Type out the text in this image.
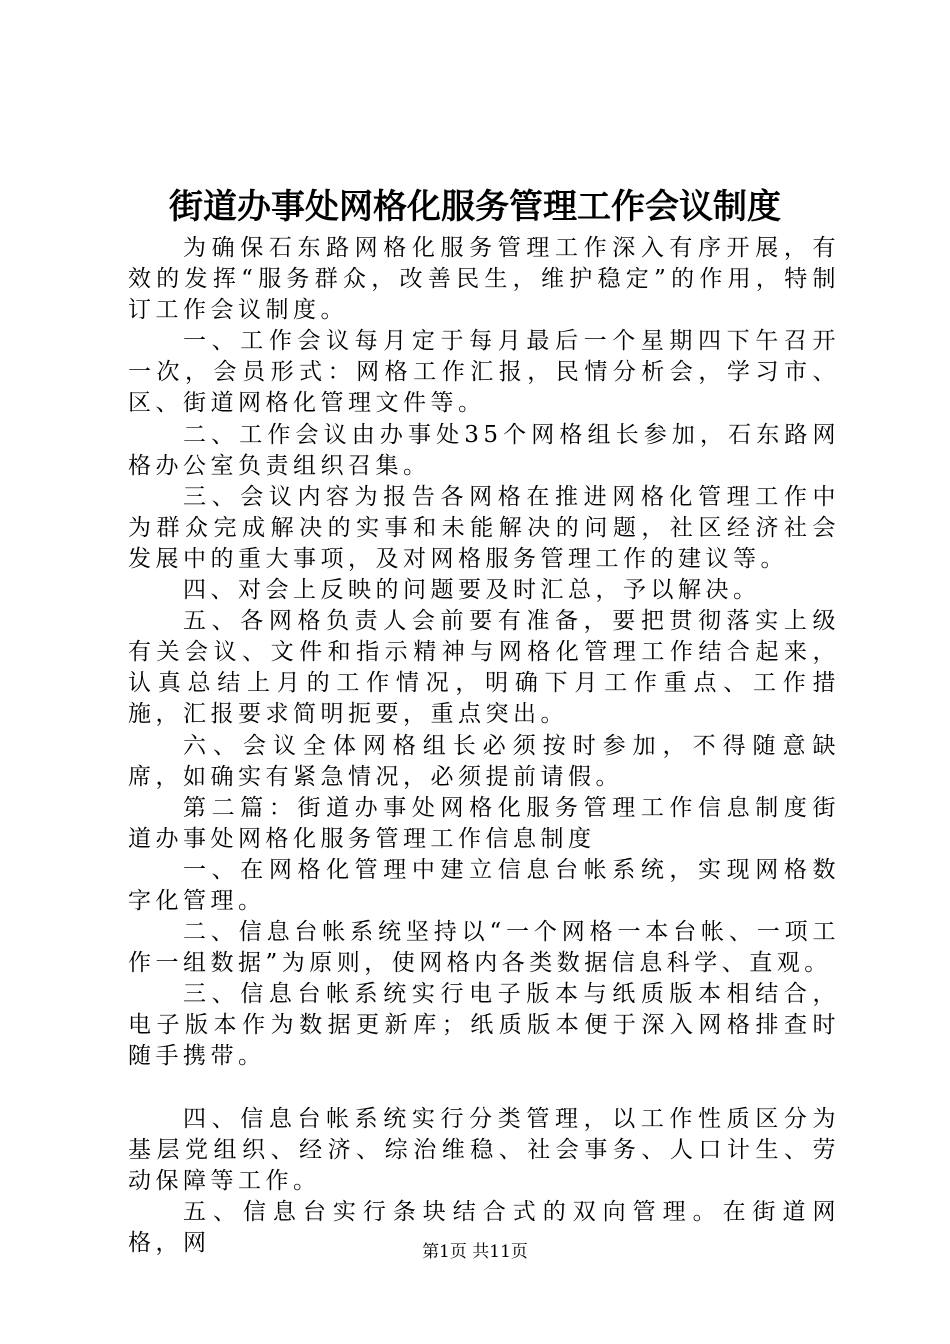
街道办事处网格化服务管理工作会议制度

为确保石东路网格化服务管理工作深入有序开展，有效的发挥“服务群众，改善民生，维护稳定”的作用，特制订工作会议制度。

一、工作会议每月定于每月最后一个星期四下午召开一次，会员形式：网格工作汇报，民情分析会，学习市、区、街道网格化管理文件等。

二、工作会议由办事处35个网格组长参加，石东路网格办公室负责组织召集。

三、会议内容为报告各网格在推进网格化管理工作中为群众完成解决的实事和未能解决的问题，社区经济社会发展中的重大事项，及对网格服务管理工作的建议等。

四、对会上反映的问题要及时汇总，予以解决。

五、各网格负责人会前要有准备，要把贯彻落实上级有关会议、文件和指示精神与网格化管理工作结合起来，认真总结上月的工作情况，明确下月工作重点、工作措施，汇报要求简明扼要，重点突出。

六、会议全体网格组长必须按时参加，不得随意缺席，如确实有紧急情况，必须提前请假。

第二篇：街道办事处网格化服务管理工作信息制度街道办事处网格化服务管理工作信息制度

一、在网格化管理中建立信息台帐系统，实现网格数字化管理。

二、信息台帐系统坚持以“一个网格一本台帐、一项工作一组数据”为原则，使网格内各类数据信息科学、直观。

三、信息台帐系统实行电子版本与纸质版本相结合，电子版本作为数据更新库；纸质版本便于深入网格排查时随手携带。

四、信息台帐系统实行分类管理，以工作性质区分为基层党组织、经济、综治维稳、社会事务、人口计生、劳动保障等工作。

五、信息台实行条块结合式的双向管理。在街道网格，网	第1页 共11页
